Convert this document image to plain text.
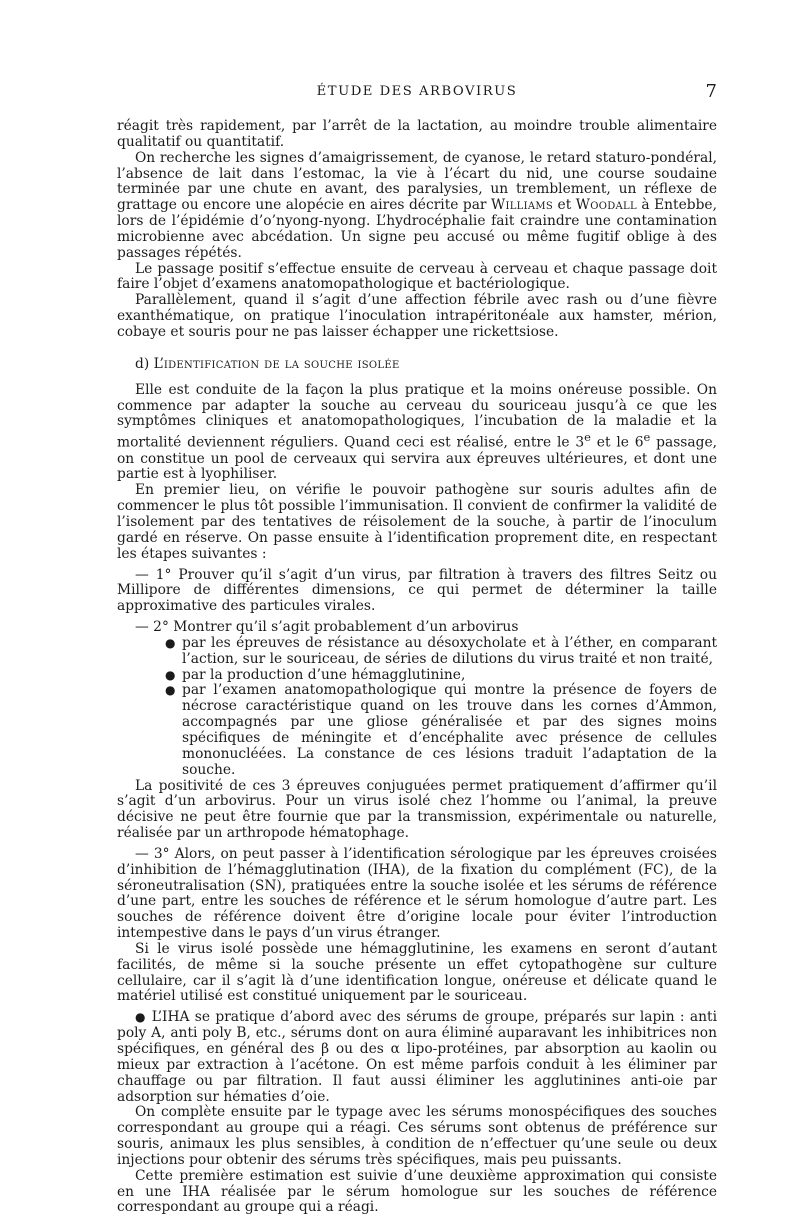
ÉTUDE DES ARBOVIRUS	7

réagit très rapidement, par l’arrêt de la lactation, au moindre trouble alimentaire qualitatif ou quantitatif.

On recherche les signes d’amaigrissement, de cyanose, le retard staturo-pondéral, l’absence de lait dans l’estomac, la vie à l’écart du nid, une course soudaine terminée par une chute en avant, des paralysies, un tremblement, un réflexe de grattage ou encore une alopécie en aires décrite par Williams et Woodall à Entebbe, lors de l’épidémie d’o’nyong-nyong. L’hydrocéphalie fait craindre une contamination microbienne avec abcédation. Un signe peu accusé ou même fugitif oblige à des passages répétés.

Le passage positif s’effectue ensuite de cerveau à cerveau et chaque passage doit faire l’objet d’examens anatomopathologique et bactériologique.

Parallèlement, quand il s’agit d’une affection fébrile avec rash ou d’une fièvre exanthématique, on pratique l’inoculation intrapéritonéale aux hamster, mérion, cobaye et souris pour ne pas laisser échapper une rickettsiose.

d) L’identification de la souche isolée

Elle est conduite de la façon la plus pratique et la moins onéreuse possible. On commence par adapter la souche au cerveau du souriceau jusqu’à ce que les symptômes cliniques et anatomopathologiques, l’incubation de la maladie et la mortalité deviennent réguliers. Quand ceci est réalisé, entre le 3e et le 6e passage, on constitue un pool de cerveaux qui servira aux épreuves ultérieures, et dont une partie est à lyophiliser.

En premier lieu, on vérifie le pouvoir pathogène sur souris adultes afin de commencer le plus tôt possible l’immunisation. Il convient de confirmer la validité de l’isolement par des tentatives de réisolement de la souche, à partir de l’inoculum gardé en réserve. On passe ensuite à l’identification proprement dite, en respectant les étapes suivantes :

— 1° Prouver qu’il s’agit d’un virus, par filtration à travers des filtres Seitz ou Millipore de différentes dimensions, ce qui permet de déterminer la taille approximative des particules virales.

— 2° Montrer qu’il s’agit probablement d’un arbovirus

● par les épreuves de résistance au désoxycholate et à l’éther, en comparant l’action, sur le souriceau, de séries de dilutions du virus traité et non traité,
● par la production d’une hémagglutinine,
● par l’examen anatomopathologique qui montre la présence de foyers de nécrose caractéristique quand on les trouve dans les cornes d’Ammon, accompagnés par une gliose généralisée et par des signes moins spécifiques de méningite et d’encéphalite avec présence de cellules mononucléées. La constance de ces lésions traduit l’adaptation de la souche.

La positivité de ces 3 épreuves conjuguées permet pratiquement d’affirmer qu’il s’agit d’un arbovirus. Pour un virus isolé chez l’homme ou l’animal, la preuve décisive ne peut être fournie que par la transmission, expérimentale ou naturelle, réalisée par un arthropode hématophage.

— 3° Alors, on peut passer à l’identification sérologique par les épreuves croisées d’inhibition de l’hémagglutination (IHA), de la fixation du complément (FC), de la séroneutralisation (SN), pratiquées entre la souche isolée et les sérums de référence d’une part, entre les souches de référence et le sérum homologue d’autre part. Les souches de référence doivent être d’origine locale pour éviter l’introduction intempestive dans le pays d’un virus étranger.

Si le virus isolé possède une hémagglutinine, les examens en seront d’autant facilités, de même si la souche présente un effet cytopathogène sur culture cellulaire, car il s’agit là d’une identification longue, onéreuse et délicate quand le matériel utilisé est constitué uniquement par le souriceau.

● L’IHA se pratique d’abord avec des sérums de groupe, préparés sur lapin : anti poly A, anti poly B, etc., sérums dont on aura éliminé auparavant les inhibitrices non spécifiques, en général des β ou des α lipo-protéines, par absorption au kaolin ou mieux par extraction à l’acétone. On est même parfois conduit à les éliminer par chauffage ou par filtration. Il faut aussi éliminer les agglutinines anti-oie par adsorption sur hématies d’oie.

On complète ensuite par le typage avec les sérums monospécifiques des souches correspondant au groupe qui a réagi. Ces sérums sont obtenus de préférence sur souris, animaux les plus sensibles, à condition de n’effectuer qu’une seule ou deux injections pour obtenir des sérums très spécifiques, mais peu puissants.

Cette première estimation est suivie d’une deuxième approximation qui consiste en une IHA réalisée par le sérum homologue sur les souches de référence correspondant au groupe qui a réagi.
